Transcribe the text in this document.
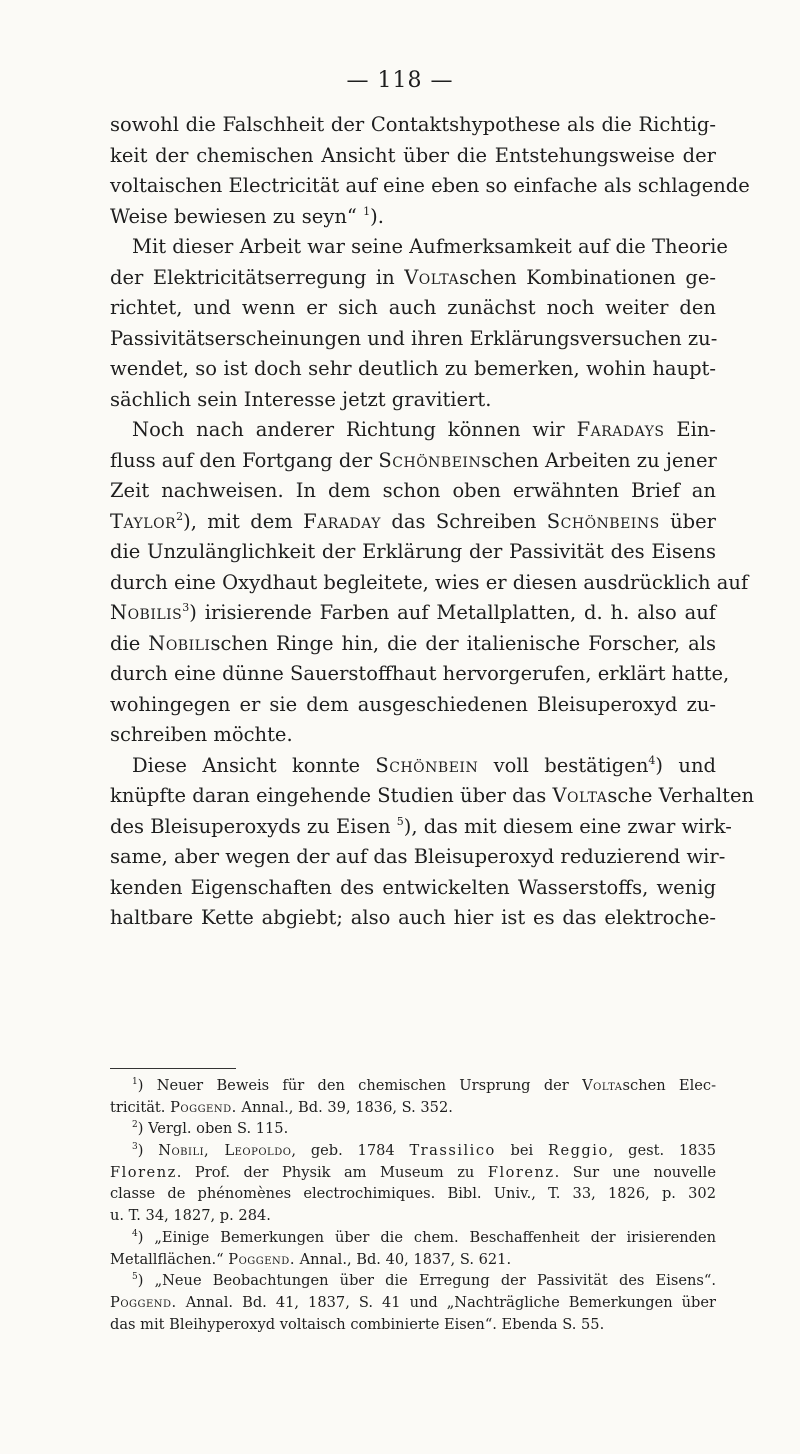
— 118 —
sowohl die Falschheit der Contaktshypothese als die Richtig-
keit der chemischen Ansicht über die Entstehungsweise der
voltaischen Electricität auf eine eben so einfache als schlagende
Weise bewiesen zu seyn“ $^1$).
Mit dieser Arbeit war seine Aufmerksamkeit auf die Theorie
der Elektricitätserregung in Voltaschen Kombinationen ge-
richtet, und wenn er sich auch zunächst noch weiter den
Passivitätserscheinungen und ihren Erklärungsversuchen zu-
wendet, so ist doch sehr deutlich zu bemerken, wohin haupt-
sächlich sein Interesse jetzt gravitiert.
Noch nach anderer Richtung können wir Faradays Ein-
fluss auf den Fortgang der Schönbeinschen Arbeiten zu jener
Zeit nachweisen. In dem schon oben erwähnten Brief an
Taylor$^2$), mit dem Faraday das Schreiben Schönbeins über
die Unzulänglichkeit der Erklärung der Passivität des Eisens
durch eine Oxydhaut begleitete, wies er diesen ausdrücklich auf
Nobilis$^3$) irisierende Farben auf Metallplatten, d. h. also auf
die Nobilischen Ringe hin, die der italienische Forscher, als
durch eine dünne Sauerstoffhaut hervorgerufen, erklärt hatte,
wohingegen er sie dem ausgeschiedenen Bleisuperoxyd zu-
schreiben möchte.
Diese Ansicht konnte Schönbein voll bestätigen$^4$) und
knüpfte daran eingehende Studien über das Voltasche Verhalten
des Bleisuperoxyds zu Eisen $^5$), das mit diesem eine zwar wirk-
same, aber wegen der auf das Bleisuperoxyd reduzierend wir-
kenden Eigenschaften des entwickelten Wasserstoffs, wenig
haltbare Kette abgiebt; also auch hier ist es das elektroche-
$^1$) Neuer Beweis für den chemischen Ursprung der Voltaschen Elec-
tricität. Poggend. Annal., Bd. 39, 1836, S. 352.
$^2$) Vergl. oben S. 115.
$^3$) Nobili, Leopoldo, geb. 1784 Trassilico bei Reggio, gest. 1835
Florenz. Prof. der Physik am Museum zu Florenz. Sur une nouvelle
classe de phénomènes electrochimiques. Bibl. Univ., T. 33, 1826, p. 302
u. T. 34, 1827, p. 284.
$^4$) „Einige Bemerkungen über die chem. Beschaffenheit der irisierenden
Metallflächen.“ Poggend. Annal., Bd. 40, 1837, S. 621.
$^5$) „Neue Beobachtungen über die Erregung der Passivität des Eisens“.
Poggend. Annal. Bd. 41, 1837, S. 41 und „Nachträgliche Bemerkungen über
das mit Bleihyperoxyd voltaisch combinierte Eisen“. Ebenda S. 55.
